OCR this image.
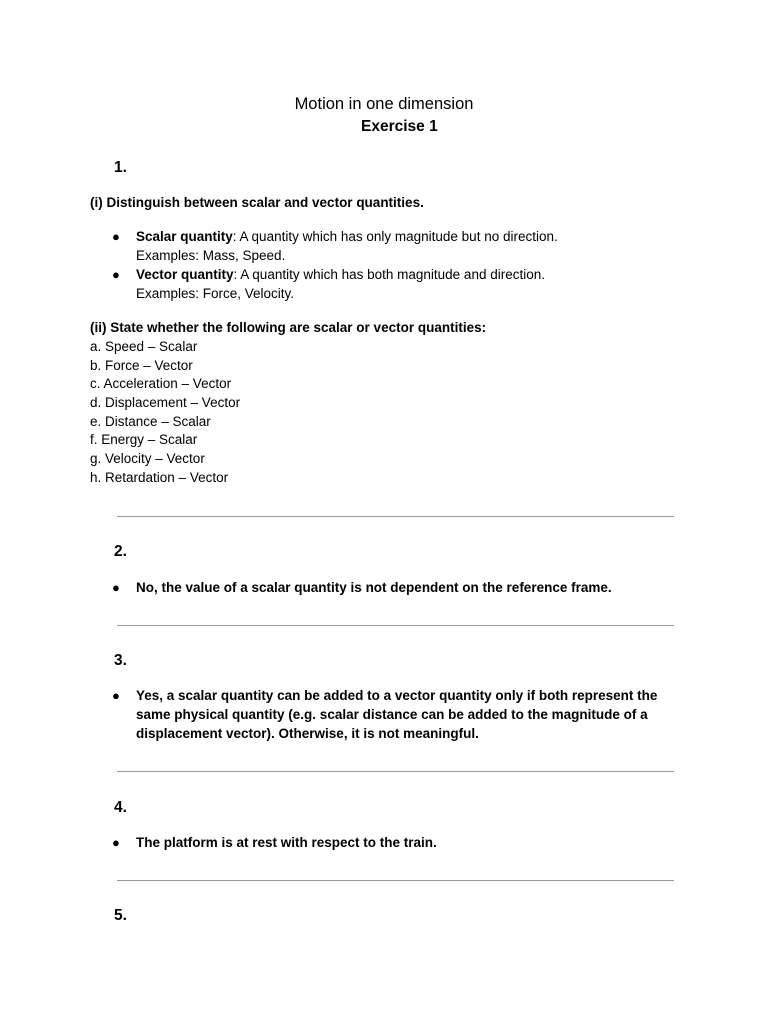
Motion in one dimension
Exercise 1
1.
(i) Distinguish between scalar and vector quantities.
● Scalar quantity: A quantity which has only magnitude but no direction.
Examples: Mass, Speed.
● Vector quantity: A quantity which has both magnitude and direction.
Examples: Force, Velocity.
(ii) State whether the following are scalar or vector quantities:
a. Speed – Scalar
b. Force – Vector
c. Acceleration – Vector
d. Displacement – Vector
e. Distance – Scalar
f. Energy – Scalar
g. Velocity – Vector
h. Retardation – Vector
2.
● No, the value of a scalar quantity is not dependent on the reference frame.
3.
● Yes, a scalar quantity can be added to a vector quantity only if both represent the
same physical quantity (e.g. scalar distance can be added to the magnitude of a
displacement vector). Otherwise, it is not meaningful.
4.
● The platform is at rest with respect to the train.
5.
